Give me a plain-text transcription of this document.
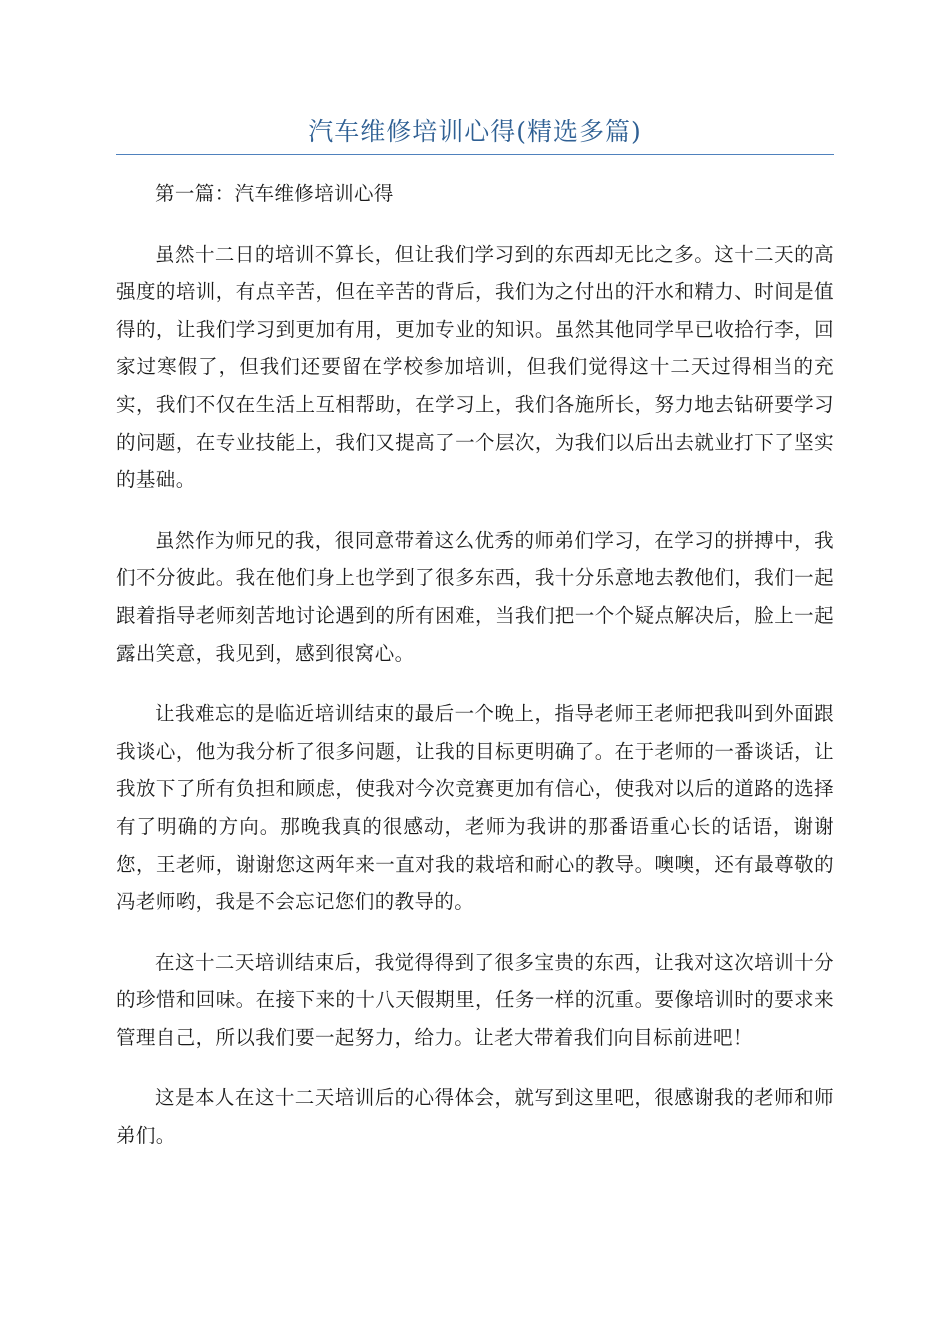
汽车维修培训心得(精选多篇)

第一篇：汽车维修培训心得

虽然十二日的培训不算长，但让我们学习到的东西却无比之多。这十二天的高强度的培训，有点辛苦，但在辛苦的背后，我们为之付出的汗水和精力、时间是值得的，让我们学习到更加有用，更加专业的知识。虽然其他同学早已收拾行李，回家过寒假了，但我们还要留在学校参加培训，但我们觉得这十二天过得相当的充实，我们不仅在生活上互相帮助，在学习上，我们各施所长，努力地去钻研要学习的问题，在专业技能上，我们又提高了一个层次，为我们以后出去就业打下了坚实的基础。

虽然作为师兄的我，很同意带着这么优秀的师弟们学习，在学习的拼搏中，我们不分彼此。我在他们身上也学到了很多东西，我十分乐意地去教他们，我们一起跟着指导老师刻苦地讨论遇到的所有困难，当我们把一个个疑点解决后，脸上一起露出笑意，我见到，感到很窝心。

让我难忘的是临近培训结束的最后一个晚上，指导老师王老师把我叫到外面跟我谈心，他为我分析了很多问题，让我的目标更明确了。在于老师的一番谈话，让我放下了所有负担和顾虑，使我对今次竞赛更加有信心，使我对以后的道路的选择有了明确的方向。那晚我真的很感动，老师为我讲的那番语重心长的话语，谢谢您，王老师，谢谢您这两年来一直对我的栽培和耐心的教导。噢噢，还有最尊敬的冯老师哟，我是不会忘记您们的教导的。

在这十二天培训结束后，我觉得得到了很多宝贵的东西，让我对这次培训十分的珍惜和回味。在接下来的十八天假期里，任务一样的沉重。要像培训时的要求来管理自己，所以我们要一起努力，给力。让老大带着我们向目标前进吧！

这是本人在这十二天培训后的心得体会，就写到这里吧，很感谢我的老师和师弟们。
